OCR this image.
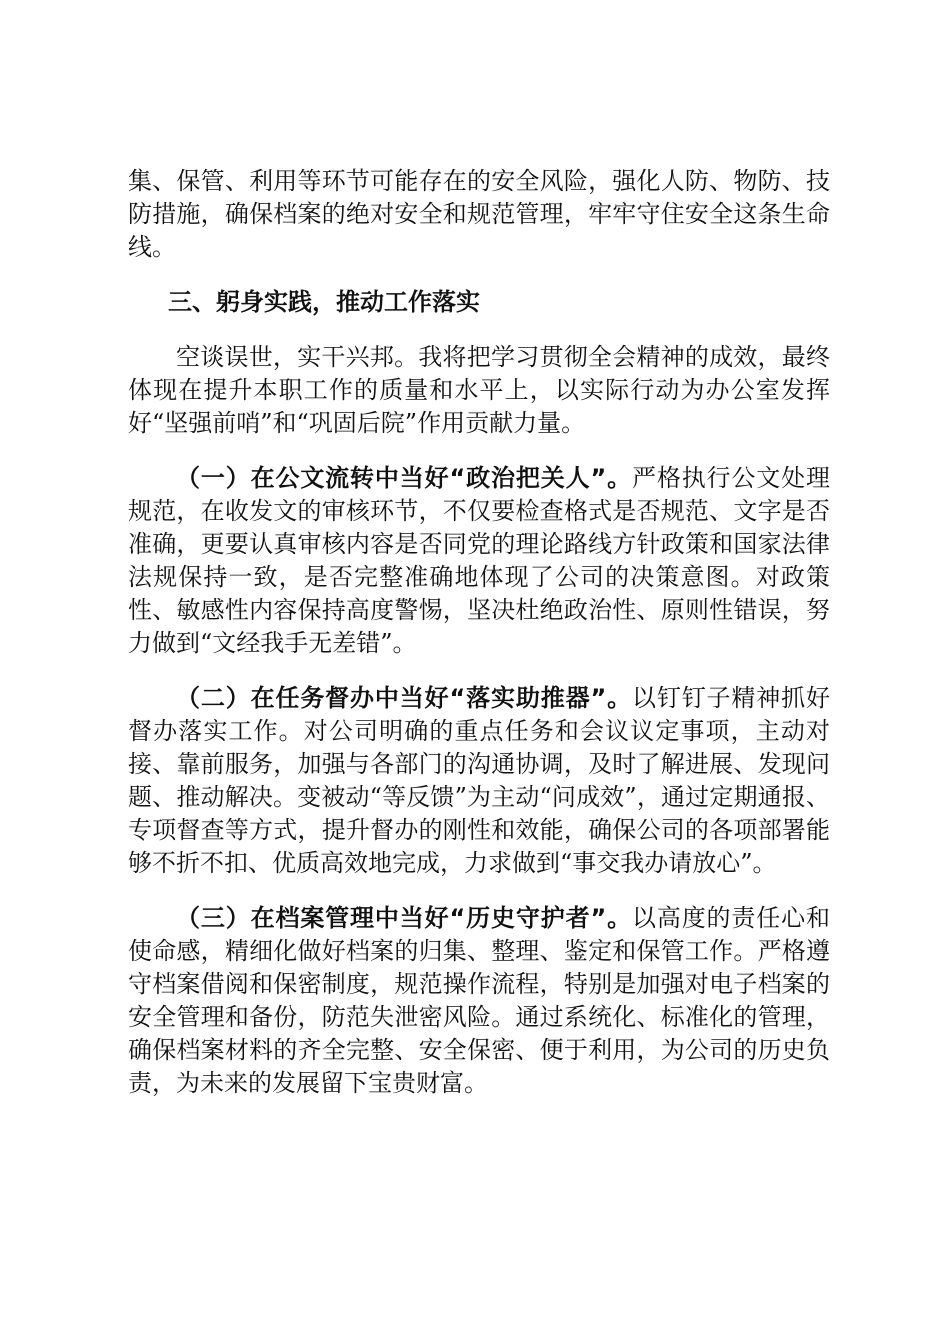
集、保管、利用等环节可能存在的安全风险，强化人防、物防、技防措施，确保档案的绝对安全和规范管理，牢牢守住安全这条生命线。

三、躬身实践，推动工作落实

空谈误世，实干兴邦。我将把学习贯彻全会精神的成效，最终体现在提升本职工作的质量和水平上，以实际行动为办公室发挥好“坚强前哨”和“巩固后院”作用贡献力量。

（一）在公文流转中当好“政治把关人”。严格执行公文处理规范，在收发文的审核环节，不仅要检查格式是否规范、文字是否准确，更要认真审核内容是否同党的理论路线方针政策和国家法律法规保持一致，是否完整准确地体现了公司的决策意图。对政策性、敏感性内容保持高度警惕，坚决杜绝政治性、原则性错误，努力做到“文经我手无差错”。

（二）在任务督办中当好“落实助推器”。以钉钉子精神抓好督办落实工作。对公司明确的重点任务和会议议定事项，主动对接、靠前服务，加强与各部门的沟通协调，及时了解进展、发现问题、推动解决。变被动“等反馈”为主动“问成效”，通过定期通报、专项督查等方式，提升督办的刚性和效能，确保公司的各项部署能够不折不扣、优质高效地完成，力求做到“事交我办请放心”。

（三）在档案管理中当好“历史守护者”。以高度的责任心和使命感，精细化做好档案的归集、整理、鉴定和保管工作。严格遵守档案借阅和保密制度，规范操作流程，特别是加强对电子档案的安全管理和备份，防范失泄密风险。通过系统化、标准化的管理，确保档案材料的齐全完整、安全保密、便于利用，为公司的历史负责，为未来的发展留下宝贵财富。
